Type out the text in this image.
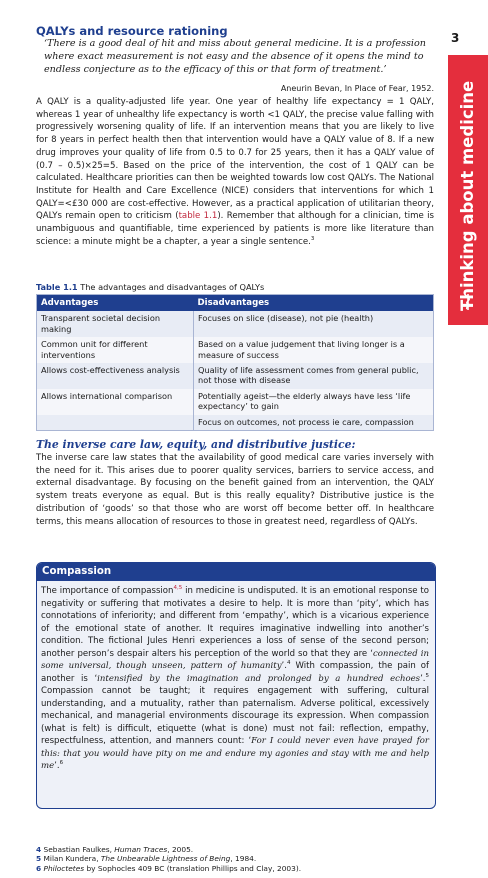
3
Thinking about medicine
QALYs and resource rationing
‘There is a good deal of hit and miss about general medicine. It is a profession where exact measurement is not easy and the absence of it opens the mind to endless conjecture as to the efficacy of this or that form of treatment.’
Aneurin Bevan, In Place of Fear, 1952.

A QALY is a quality-adjusted life year. One year of healthy life expectancy = 1 QALY, whereas 1 year of unhealthy life expectancy is worth <1 QALY, the precise value falling with progressively worsening quality of life. If an intervention means that you are likely to live for 8 years in perfect health then that intervention would have a QALY value of 8. If a new drug improves your quality of life from 0.5 to 0.7 for 25 years, then it has a QALY value of (0.7 – 0.5)×25=5. Based on the price of the intervention, the cost of 1 QALY can be calculated. Healthcare priorities can then be weighted towards low cost QALYs. The National Institute for Health and Care Excellence (NICE) considers that interventions for which 1 QALY=<£30 000 are cost-effective. However, as a practical application of utilitarian theory, QALYs remain open to criticism (table 1.1). Remember that although for a clinician, time is unambiguous and quantifiable, time experienced by patients is more like literature than science: a minute might be a chapter, a year a single sentence.$^3$

Table 1.1 The advantages and disadvantages of QALYs
Advantages	Disadvantages
Transparent societal decision making	Focuses on slice (disease), not pie (health)
Common unit for different interventions	Based on a value judgement that living longer is a measure of success
Allows cost-effectiveness analysis	Quality of life assessment comes from general public, not those with disease
Allows international comparison	Potentially ageist—the elderly always have less ‘life expectancy’ to gain
	Focus on outcomes, not process ie care, compassion
The inverse care law, equity, and distributive justice:

The inverse care law states that the availability of good medical care varies inversely with the need for it. This arises due to poorer quality services, barriers to service access, and external disadvantage. By focusing on the benefit gained from an intervention, the QALY system treats everyone as equal. But is this really equality? Distributive justice is the distribution of ‘goods’ so that those who are worst off become better off. In healthcare terms, this means allocation of resources to those in greatest need, regardless of QALYs.

Compassion

The importance of compassion$^{4,5}$ in medicine is undisputed. It is an emotional response to negativity or suffering that motivates a desire to help. It is more than ‘pity’, which has connotations of inferiority; and different from ‘empathy’, which is a vicarious experience of the emotional state of another. It requires imaginative indwelling into another’s condition. The fictional Jules Henri experiences a loss of sense of the second person; another person’s despair alters his perception of the world so that they are ‘connected in some universal, though unseen, pattern of humanity’.$^4$ With compassion, the pain of another is ‘intensified by the imagination and prolonged by a hundred echoes’.$^5$ Compassion cannot be taught; it requires engagement with suffering, cultural understanding, and a mutuality, rather than paternalism. Adverse political, excessively mechanical, and managerial environments discourage its expression. When compassion (what is felt) is difficult, etiquette (what is done) must not fail: reflection, empathy, respectfulness, attention, and manners count: ‘For I could never even have prayed for this: that you would have pity on me and endure my agonies and stay with me and help me’.$^6$

4 Sebastian Faulkes, Human Traces, 2005.
5 Milan Kundera, The Unbearable Lightness of Being, 1984.
6 Philoctetes by Sophocles 409 BC (translation Phillips and Clay, 2003).
